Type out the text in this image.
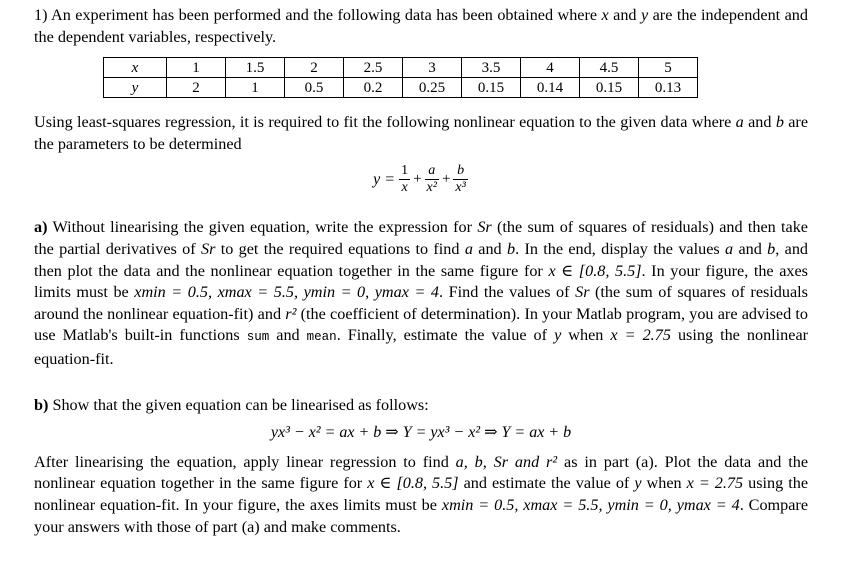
1) An experiment has been performed and the following data has been obtained where x and y are the independent and the dependent variables, respectively.

x	1	1.5	2	2.5	3	3.5	4	4.5	5
y	2	1	0.5	0.2	0.25	0.15	0.14	0.15	0.13

Using least-squares regression, it is required to fit the following nonlinear equation to the given data where a and b are the parameters to be determined

$y = \frac{1}{x} + \frac{a}{\text{x²}} + \frac{b}{\text{x³}}$

a) Without linearising the given equation, write the expression for Sr (the sum of squares of residuals) and then take the partial derivatives of Sr to get the required equations to find a and b. In the end, display the values a and b, and then plot the data and the nonlinear equation together in the same figure for x ∈ [0.8, 5.5]. In your figure, the axes limits must be xmin = 0.5, xmax = 5.5, ymin = 0, ymax = 4. Find the values of Sr (the sum of squares of residuals around the nonlinear equation-fit) and r² (the coefficient of determination). In your Matlab program, you are advised to use Matlab's built-in functions sum and mean. Finally, estimate the value of y when x = 2.75 using the nonlinear equation-fit.

b) Show that the given equation can be linearised as follows:

yx³ − x² = ax + b ⇒ Y = yx³ − x² ⇒ Y = ax + b

After linearising the equation, apply linear regression to find a, b, Sr and r² as in part (a). Plot the data and the nonlinear equation together in the same figure for x ∈ [0.8, 5.5] and estimate the value of y when x = 2.75 using the nonlinear equation-fit. In your figure, the axes limits must be xmin = 0.5, xmax = 5.5, ymin = 0, ymax = 4. Compare your answers with those of part (a) and make comments.
